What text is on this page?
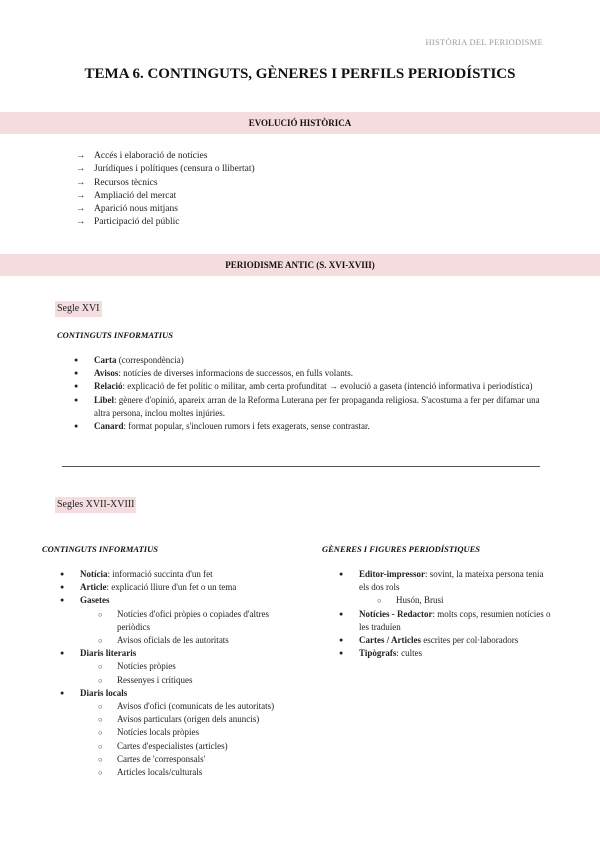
HISTÒRIA DEL PERIODISME
TEMA 6. CONTINGUTS, GÈNERES I PERFILS PERIODÍSTICS
EVOLUCIÓ HISTÒRICA
→ Accés i elaboració de notícies
→ Jurídiques i polítiques (censura o llibertat)
→ Recursos tècnics
→ Ampliació del mercat
→ Aparició nous mitjans
→ Participació del públic
PERIODISME ANTIC (S. XVI-XVIII)
Segle XVI
CONTINGUTS INFORMATIUS
● Carta (correspondència)
● Avisos: notícies de diverses informacions de successos, en fulls volants.
● Relació: explicació de fet polític o militar, amb certa profunditat → evolució a gaseta (intenció informativa i periodística)
● Libel: gènere d'opinió, apareix arran de la Reforma Luterana per fer propaganda religiosa. S'acostuma a fer per difamar una altra persona, inclou moltes injúries.
● Canard: format popular, s'inclouen rumors i fets exagerats, sense contrastar.
Segles XVII-XVIII
CONTINGUTS INFORMATIUS	GÈNERES I FIGURES PERIODÍSTIQUES
● Notícia: informació succinta d'un fet
● Article: explicació lliure d'un fet o un tema
● Gasetes
○ Notícies d'ofici pròpies o copiades d'altres periòdics
○ Avisos oficials de les autoritats
● Diaris literaris
○ Notícies pròpies
○ Ressenyes i crítiques
● Diaris locals
○ Avisos d'ofici (comunicats de les autoritats)
○ Avisos particulars (origen dels anuncis)
○ Notícies locals pròpies
○ Cartes d'especialistes (articles)
○ Cartes de 'corresponsals'
○ Articles locals/culturals
● Editor-impressor: sovint, la mateixa persona tenia els dos rols
○ Husón, Brusi
● Notícies - Redactor: molts cops, resumien notícies o les traduïen
● Cartes / Articles escrites per col·laboradors
● Tipògrafs: cultes
